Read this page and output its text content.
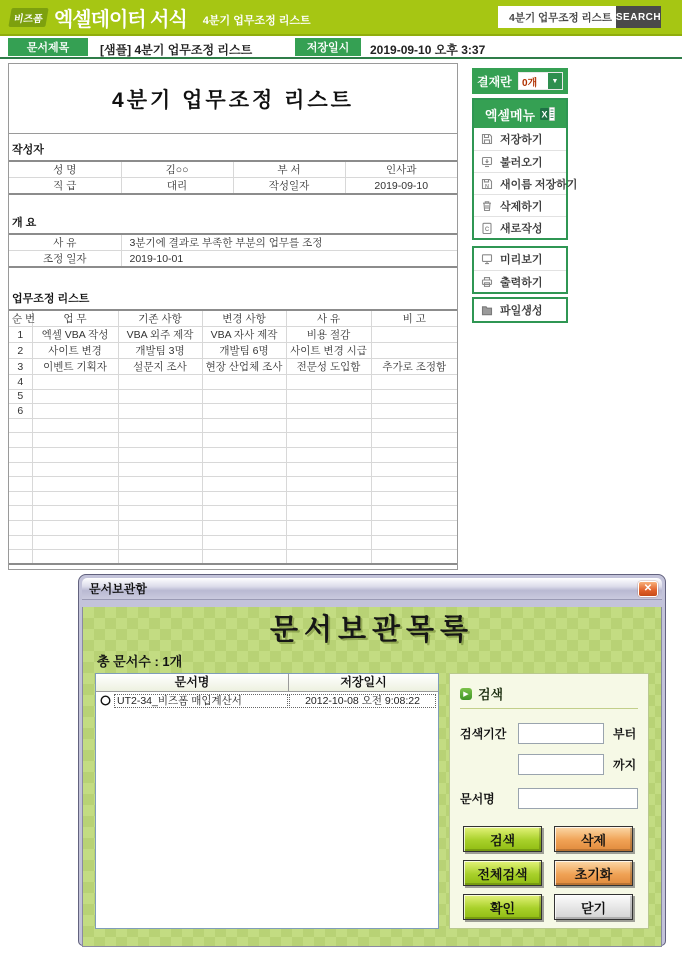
비즈폼 엑셀데이터 서식 4분기 업무조정 리스트	4분기 업무조정 리스트 SEARCH
문서제목	[샘플] 4분기 업무조정 리스트	저장일시	2019-09-10 오후 3:37
4분기 업무조정 리스트
작성자
성 명	김○○	부 서	인사과
직 급	대리	작성일자	2019-09-10
개 요
사 유	3분기에 결과로 부족한 부분의 업무를 조정
조정 일자	2019-10-01
업무조정 리스트
순 번	업 무	기존 사항	변경 사항	사 유	비 고
1	엑셀 VBA 작성	VBA 외주 제작	VBA 자사 제작	비용 절감	
2	사이트 변경	개발팀 3명	개발팀 6명	사이트 변경 시급	
3	이벤트 기획자	설문지 조사	현장 산업체 조사	전문성 도입함	추가로 조정함
4					
5					
6					

결재란	0개	▼
엑셀메뉴 X
저장하기
불러오기
N 새이름 저장하기
삭제하기
C 새로작성
미리보기
출력하기
파일생성
문서보관함	✕
문서보관목록
총 문서수 : 1개
문서명	저장일시
UT2-34_비즈폼 매입계산서	2012-10-08 오전 9:08:22
▶ 검색
검색기간	부터
까지
문서명
검색	삭제
전체검색	초기화
확인	닫기
